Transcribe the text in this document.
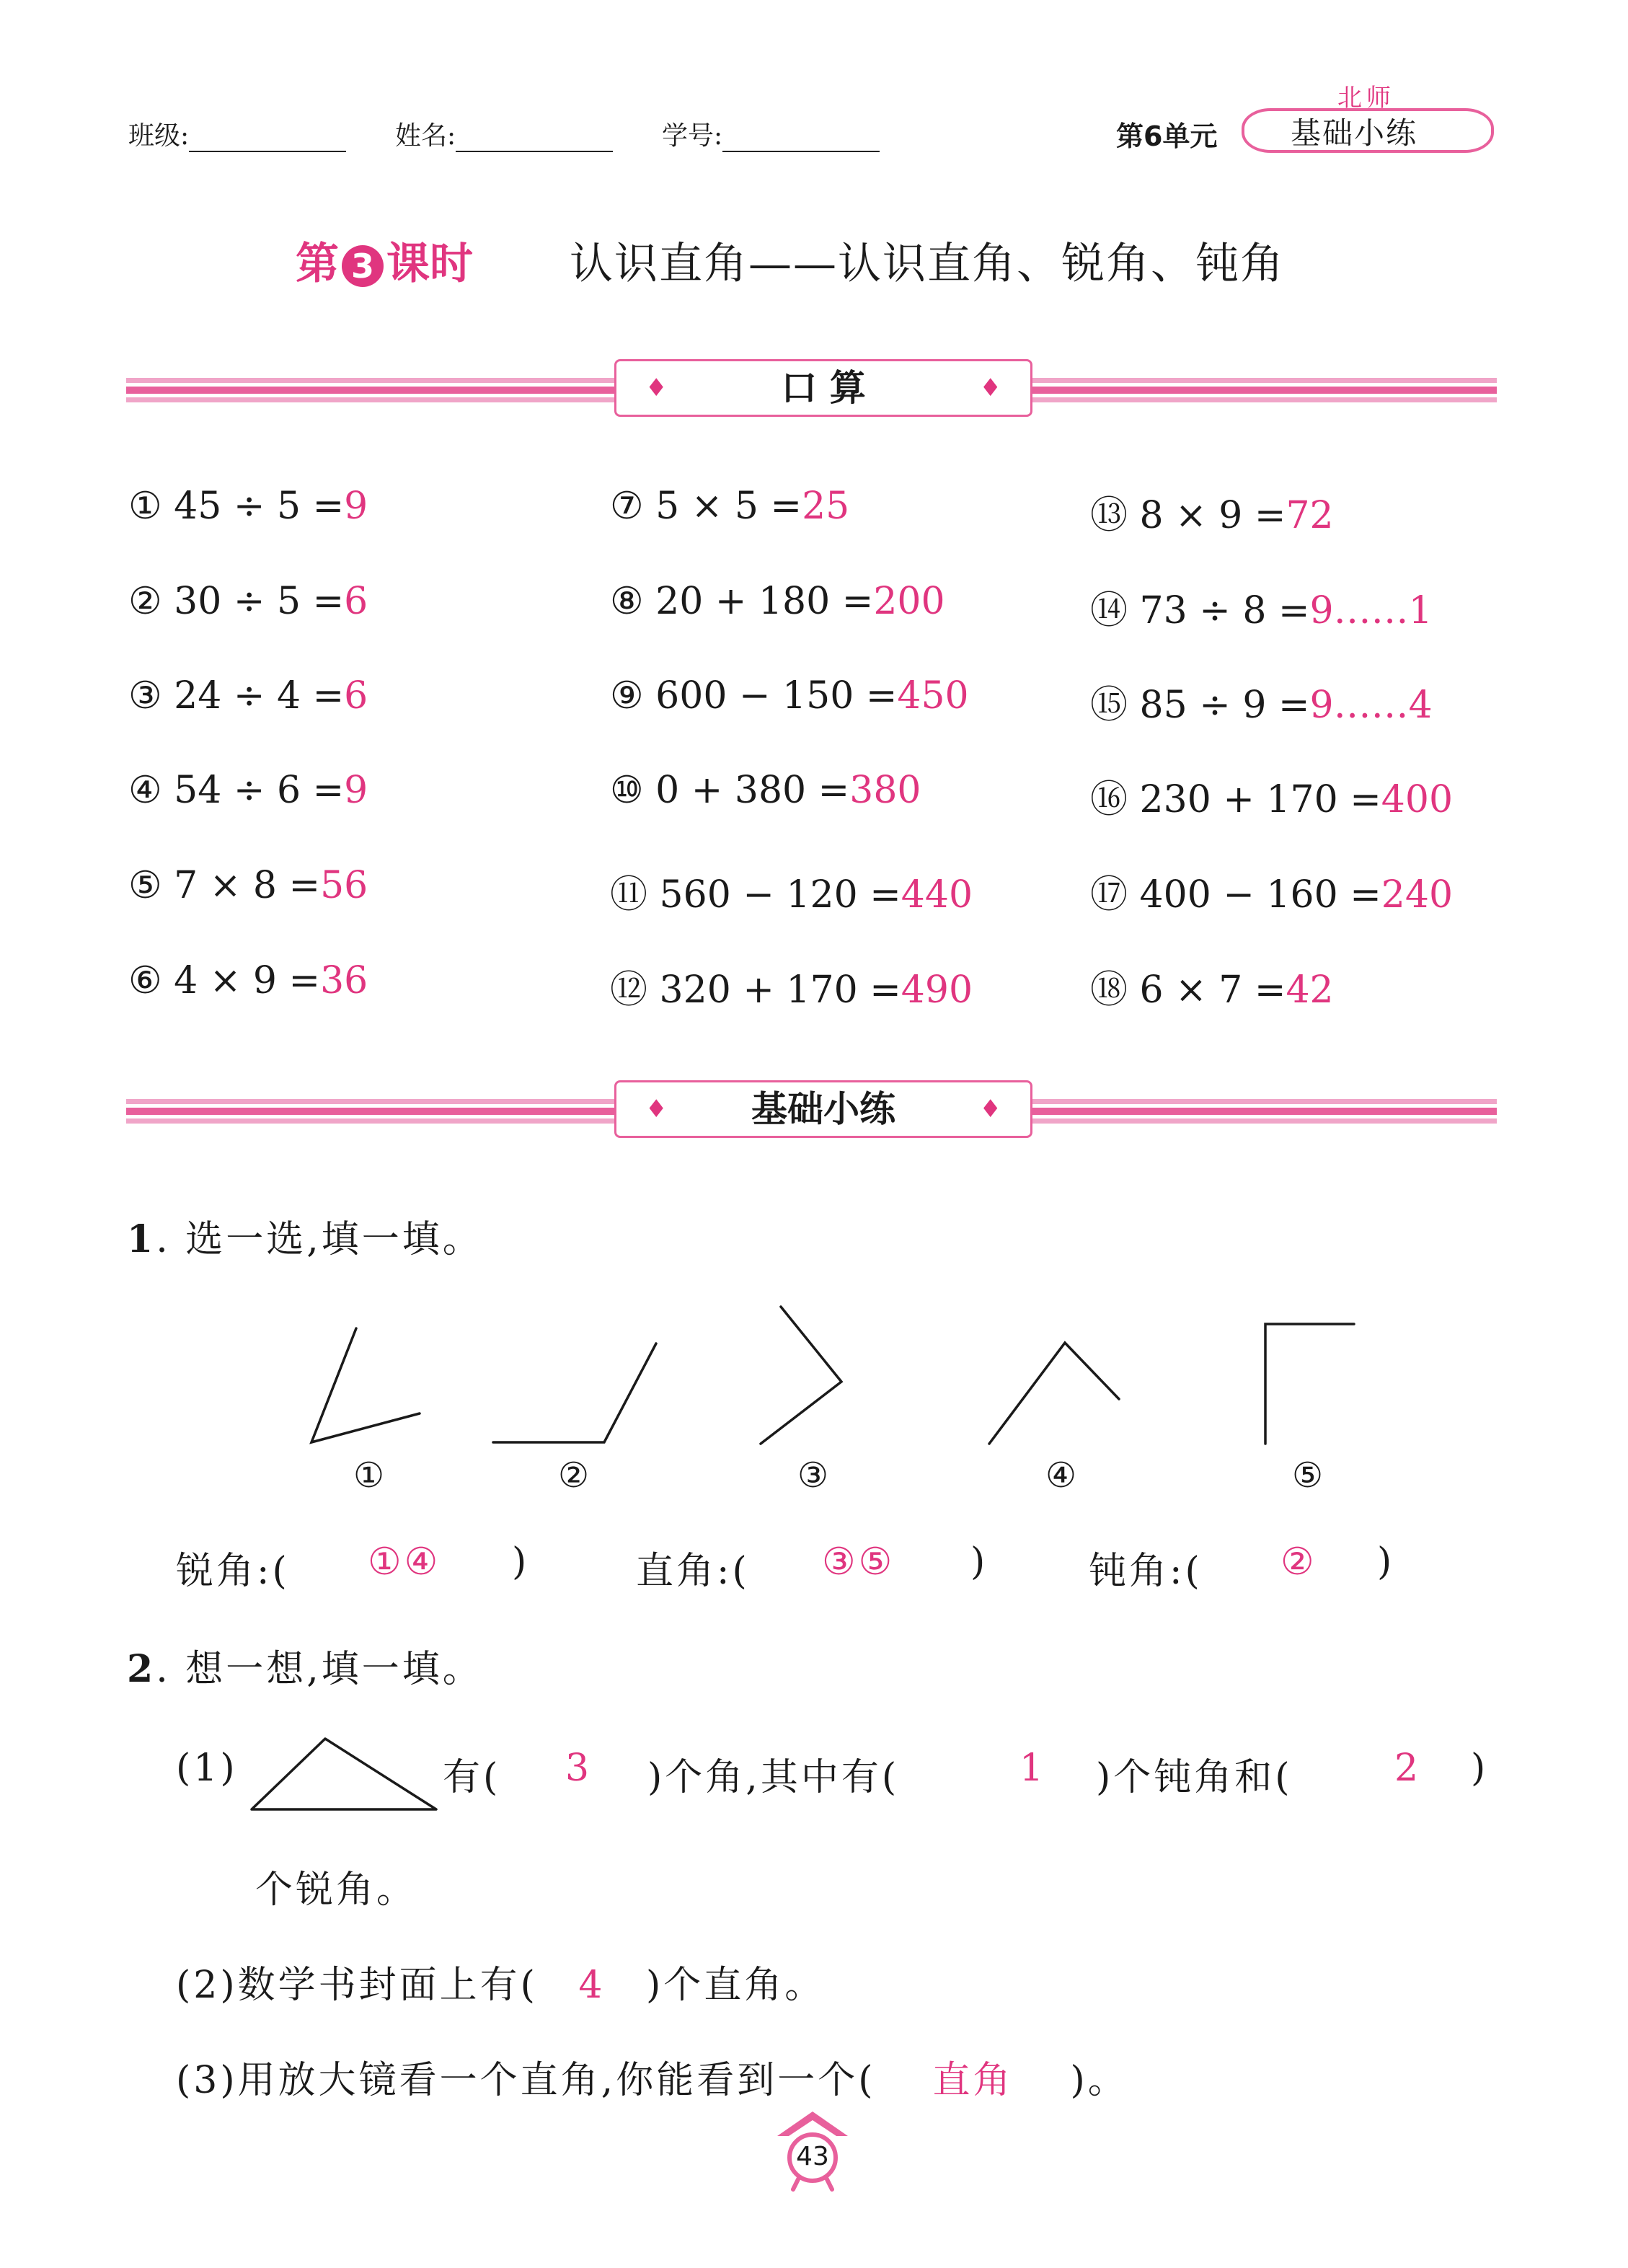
班级:	姓名:	学号:	第6单元
北师
基础小练
第 3 课时 认识直角——认识直角、锐角、钝角
♦	口 算	♦
① 45 ÷ 5 =9
② 30 ÷ 5 =6
③ 24 ÷ 4 =6
④ 54 ÷ 6 =9
⑤ 7 × 8 =56
⑥ 4 × 9 =36
⑦ 5 × 5 =25
⑧ 20 + 180 =200
⑨ 600 − 150 =450
⑩ 0 + 380 =380
⑪ 560 − 120 =440
⑫ 320 + 170 =490
⑬ 8 × 9 =72
⑭ 73 ÷ 8 =9……1
⑮ 85 ÷ 9 =9……4
⑯ 230 + 170 =400
⑰ 400 − 160 =240
⑱ 6 × 7 =42
♦ 基础小练	♦
1. 选一选,填一填。
①	②	③	④	⑤
锐角:( ①④ )	直角:( ③⑤ )	钝角:( ② )
2. 想一想,填一填。
(1)	有( 3 )个角,其中有(	1 )个钝角和(	2 )
个锐角。
(2)数学书封面上有( 4 )个直角。
(3)用放大镜看一个直角,你能看到一个( 直角 )。
43
